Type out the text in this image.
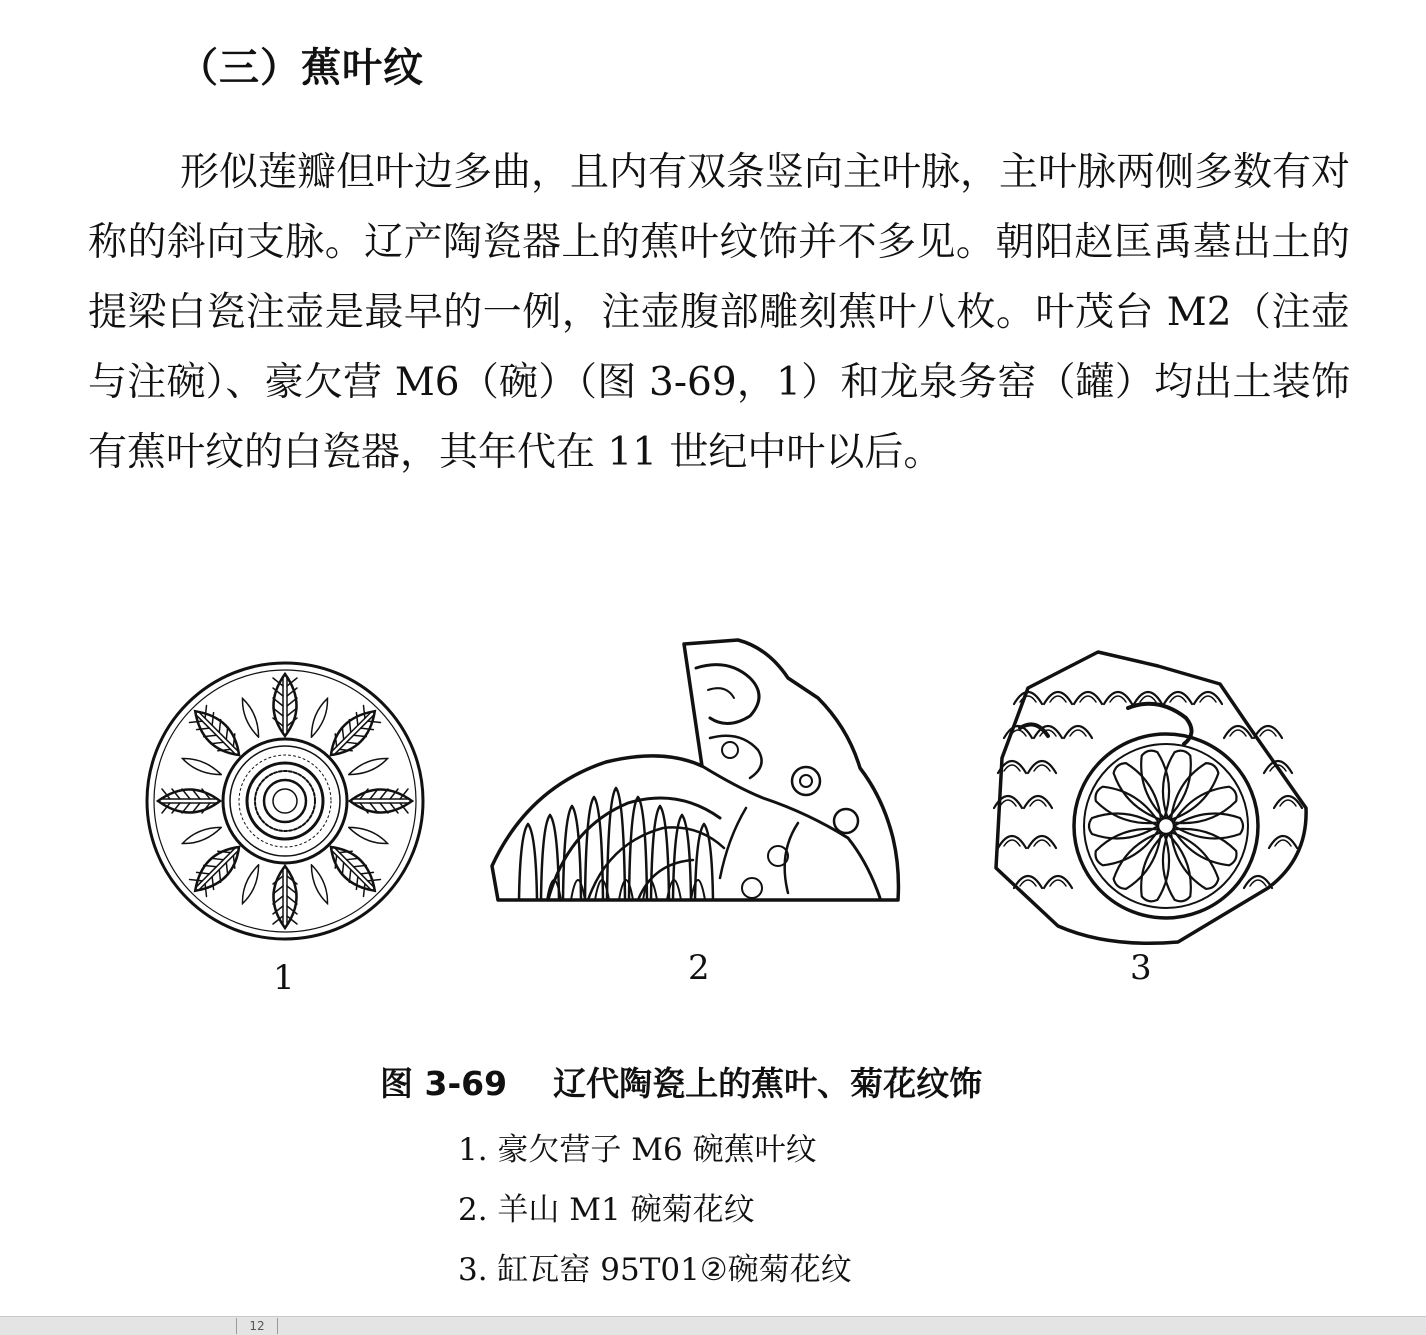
（三）蕉叶纹

形似莲瓣但叶边多曲，且内有双条竖向主叶脉，主叶脉两侧多数有对称的斜向支脉。辽产陶瓷器上的蕉叶纹饰并不多见。朝阳赵匡禹墓出土的提梁白瓷注壶是最早的一例，注壶腹部雕刻蕉叶八枚。叶茂台 M2（注壶与注碗）、豪欠营 M6（碗）（图 3-69，1）和龙泉务窑（罐）均出土装饰有蕉叶纹的白瓷器，其年代在 11 世纪中叶以后。

1	2	3
图 3-69 辽代陶瓷上的蕉叶、菊花纹饰
1. 豪欠营子 M6 碗蕉叶纹
2. 羊山 M1 碗菊花纹
3. 缸瓦窑 95T01②碗菊花纹
12
